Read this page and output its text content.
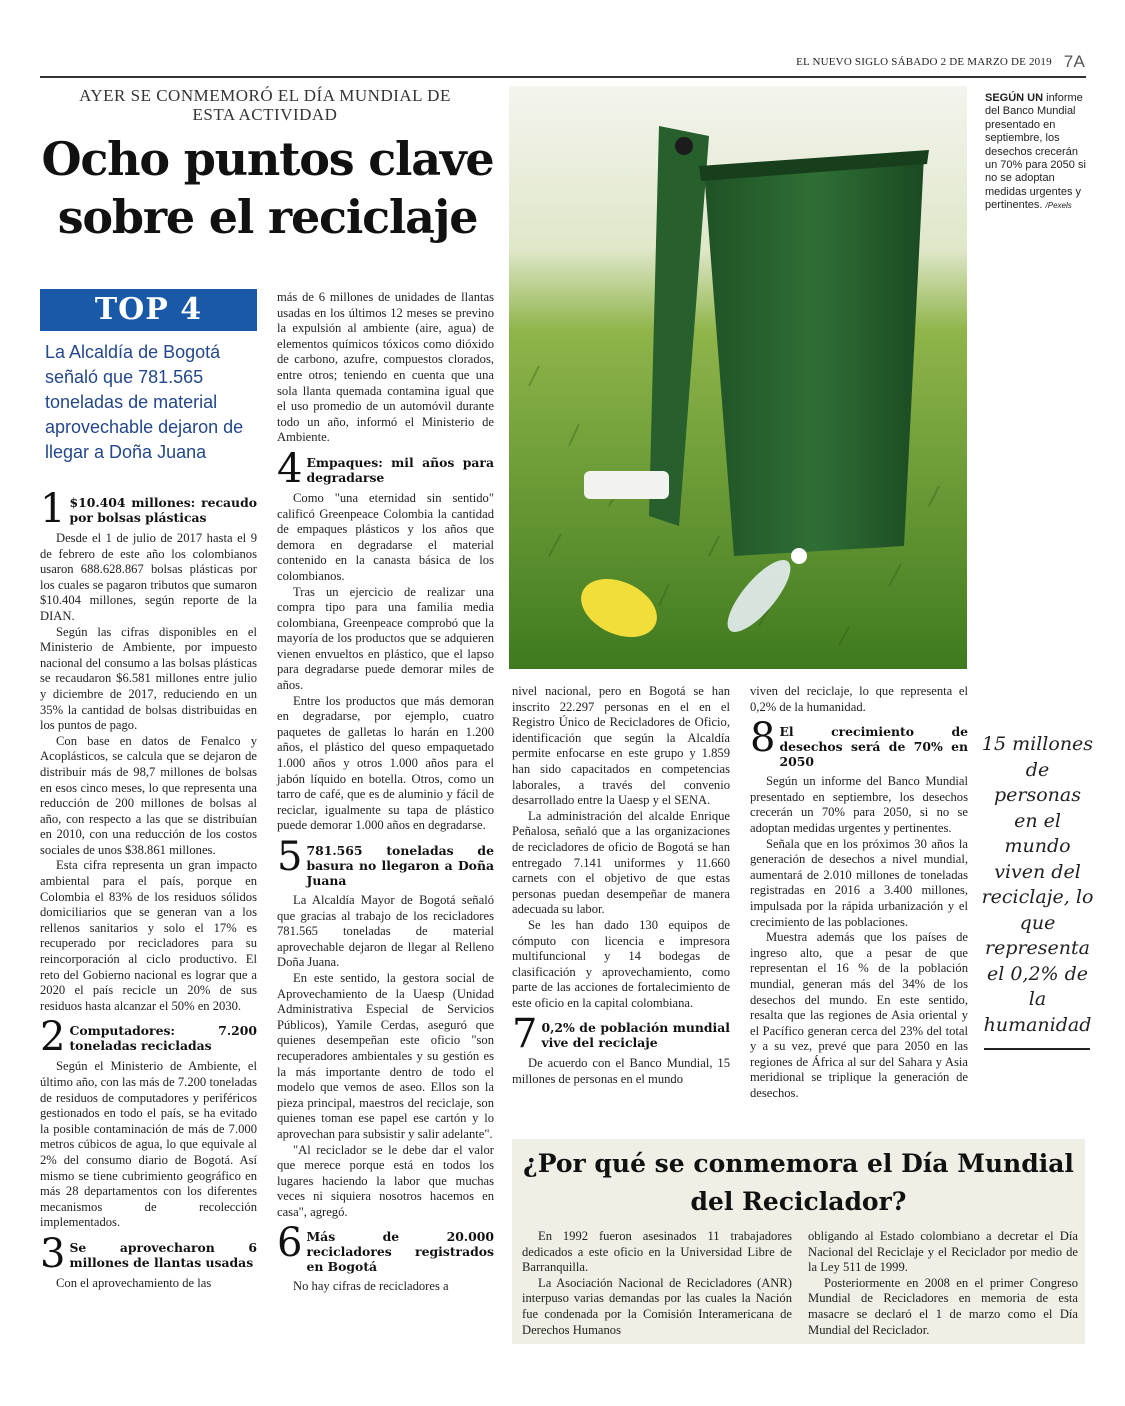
EL NUEVO SIGLO SÁBADO 2 DE MARZO DE 2019 7A
AYER SE CONMEMORÓ EL DÍA MUNDIAL DE ESTA ACTIVIDAD
Ocho puntos clave sobre el reciclaje
TOP 4
La Alcaldía de Bogotá señaló que 781.565 toneladas de material aprovechable dejaron de llegar a Doña Juana
1 $10.404 millones: recaudo por bolsas plásticas

Desde el 1 de julio de 2017 hasta el 9 de febrero de este año los colombianos usaron 688.628.867 bolsas plásticas por los cuales se pagaron tributos que sumaron $10.404 millones, según reporte de la DIAN.

Según las cifras disponibles en el Ministerio de Ambiente, por impuesto nacional del consumo a las bolsas plásticas se recaudaron $6.581 millones entre julio y diciembre de 2017, reduciendo en un 35% la cantidad de bolsas distribuidas en los puntos de pago.

Con base en datos de Fenalco y Acoplásticos, se calcula que se dejaron de distribuir más de 98,7 millones de bolsas en esos cinco meses, lo que representa una reducción de 200 millones de bolsas al año, con respecto a las que se distribuían en 2010, con una reducción de los costos sociales de unos $38.861 millones.

Esta cifra representa un gran impacto ambiental para el país, porque en Colombia el 83% de los residuos sólidos domiciliarios que se generan van a los rellenos sanitarios y solo el 17% es recuperado por recicladores para su reincorporación al ciclo productivo. El reto del Gobierno nacional es lograr que a 2020 el país recicle un 20% de sus residuos hasta alcanzar el 50% en 2030.

2 Computadores: 7.200 toneladas recicladas

Según el Ministerio de Ambiente, el último año, con las más de 7.200 toneladas de residuos de computadores y periféricos gestionados en todo el país, se ha evitado la posible contaminación de más de 7.000 metros cúbicos de agua, lo que equivale al 2% del consumo diario de Bogotá. Así mismo se tiene cubrimiento geográfico en más 28 departamentos con los diferentes mecanismos de recolección implementados.

3 Se aprovecharon 6 millones de llantas usadas

Con el aprovechamiento de las

más de 6 millones de unidades de llantas usadas en los últimos 12 meses se previno la expulsión al ambiente (aire, agua) de elementos químicos tóxicos como dióxido de carbono, azufre, compuestos clorados, entre otros; teniendo en cuenta que una sola llanta quemada contamina igual que el uso promedio de un automóvil durante todo un año, informó el Ministerio de Ambiente.

4 Empaques: mil años para degradarse

Como "una eternidad sin sentido" calificó Greenpeace Colombia la cantidad de empaques plásticos y los años que demora en degradarse el material contenido en la canasta básica de los colombianos.

Tras un ejercicio de realizar una compra tipo para una familia media colombiana, Greenpeace comprobó que la mayoría de los productos que se adquieren vienen envueltos en plástico, que el lapso para degradarse puede demorar miles de años.

Entre los productos que más demoran en degradarse, por ejemplo, cuatro paquetes de galletas lo harán en 1.200 años, el plástico del queso empaquetado 1.000 años y otros 1.000 años para el jabón líquido en botella. Otros, como un tarro de café, que es de aluminio y fácil de reciclar, igualmente su tapa de plástico puede demorar 1.000 años en degradarse.

5 781.565 toneladas de basura no llegaron a Doña Juana

La Alcaldía Mayor de Bogotá señaló que gracias al trabajo de los recicladores 781.565 toneladas de material aprovechable dejaron de llegar al Relleno Doña Juana.

En este sentido, la gestora social de Aprovechamiento de la Uaesp (Unidad Administrativa Especial de Servicios Públicos), Yamile Cerdas, aseguró que quienes desempeñan este oficio "son recuperadores ambientales y su gestión es la más importante dentro de todo el modelo que vemos de aseo. Ellos son la pieza principal, maestros del reciclaje, son quienes toman ese papel ese cartón y lo aprovechan para subsistir y salir adelante".

"Al reciclador se le debe dar el valor que merece porque está en todos los lugares haciendo la labor que muchas veces ni siquiera nosotros hacemos en casa", agregó.

6 Más de 20.000 recicladores registrados en Bogotá

No hay cifras de recicladores a

SEGÚN UN informe del Banco Mundial presentado en septiembre, los desechos crecerán un 70% para 2050 si no se adoptan medidas urgentes y pertinentes. /Pexels

nivel nacional, pero en Bogotá se han inscrito 22.297 personas en el en el Registro Único de Recicladores de Oficio, identificación que según la Alcaldía permite enfocarse en este grupo y 1.859 han sido capacitados en competencias laborales, a través del convenio desarrollado entre la Uaesp y el SENA.

La administración del alcalde Enrique Peñalosa, señaló que a las organizaciones de recicladores de oficio de Bogotá se han entregado 7.141 uniformes y 11.660 carnets con el objetivo de que estas personas puedan desempeñar de manera adecuada su labor.

Se les han dado 130 equipos de cómputo con licencia e impresora multifuncional y 14 bodegas de clasificación y aprovechamiento, como parte de las acciones de fortalecimiento de este oficio en la capital colombiana.

7 0,2% de población mundial vive del reciclaje

De acuerdo con el Banco Mundial, 15 millones de personas en el mundo

viven del reciclaje, lo que representa el 0,2% de la humanidad.

8 El crecimiento de desechos será de 70% en 2050

Según un informe del Banco Mundial presentado en septiembre, los desechos crecerán un 70% para 2050, si no se adoptan medidas urgentes y pertinentes.

Señala que en los próximos 30 años la generación de desechos a nivel mundial, aumentará de 2.010 millones de toneladas registradas en 2016 a 3.400 millones, impulsada por la rápida urbanización y el crecimiento de las poblaciones.

Muestra además que los países de ingreso alto, que a pesar de que representan el 16 % de la población mundial, generan más del 34% de los desechos del mundo. En este sentido, resalta que las regiones de Asia oriental y el Pacífico generan cerca del 23% del total y a su vez, prevé que para 2050 en las regiones de África al sur del Sahara y Asia meridional se triplique la generación de desechos.

15 millones de personas en el mundo viven del reciclaje, lo que representa el 0,2% de la humanidad
¿Por qué se conmemora el Día Mundial del Reciclador?

En 1992 fueron asesinados 11 trabajadores dedicados a este oficio en la Universidad Libre de Barranquilla.

La Asociación Nacional de Recicladores (ANR) interpuso varias demandas por las cuales la Nación fue condenada por la Comisión Interamericana de Derechos Humanos

obligando al Estado colombiano a decretar el Día Nacional del Reciclaje y el Reciclador por medio de la Ley 511 de 1999.

Posteriormente en 2008 en el primer Congreso Mundial de Recicladores en memoria de esta masacre se declaró el 1 de marzo como el Día Mundial del Reciclador.
